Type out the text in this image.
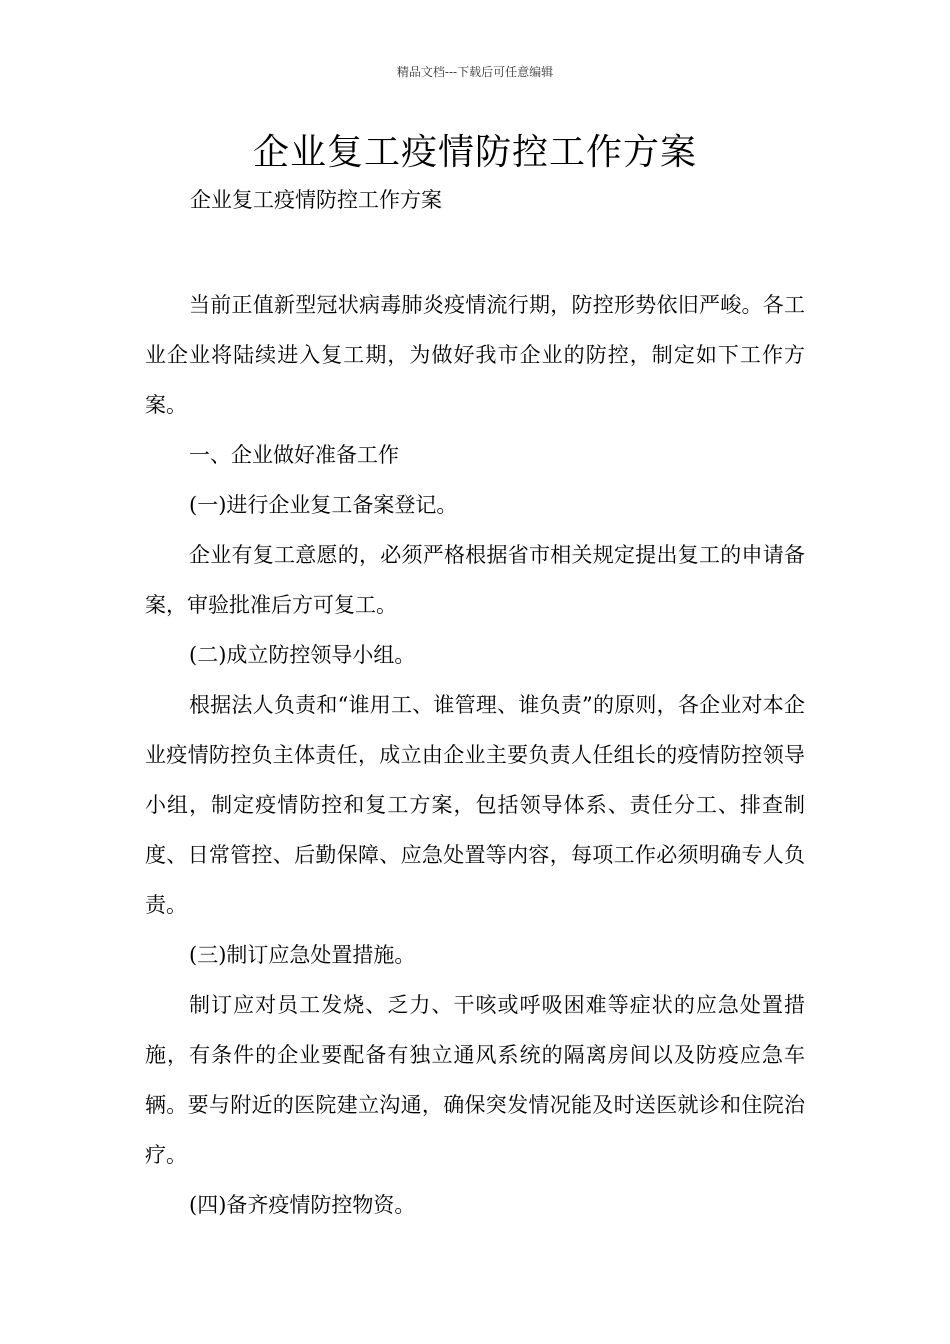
精品文档---下载后可任意编辑
企业复工疫情防控工作方案
企业复工疫情防控工作方案

当前正值新型冠状病毒肺炎疫情流行期，防控形势依旧严峻。各工业企业将陆续进入复工期，为做好我市企业的防控，制定如下工作方案。

一、企业做好准备工作

(一)进行企业复工备案登记。

企业有复工意愿的，必须严格根据省市相关规定提出复工的申请备案，审验批准后方可复工。

(二)成立防控领导小组。

根据法人负责和“谁用工、谁管理、谁负责”的原则，各企业对本企业疫情防控负主体责任，成立由企业主要负责人任组长的疫情防控领导小组，制定疫情防控和复工方案，包括领导体系、责任分工、排查制度、日常管控、后勤保障、应急处置等内容，每项工作必须明确专人负责。

(三)制订应急处置措施。

制订应对员工发烧、乏力、干咳或呼吸困难等症状的应急处置措施，有条件的企业要配备有独立通风系统的隔离房间以及防疫应急车辆。要与附近的医院建立沟通，确保突发情况能及时送医就诊和住院治疗。

(四)备齐疫情防控物资。
